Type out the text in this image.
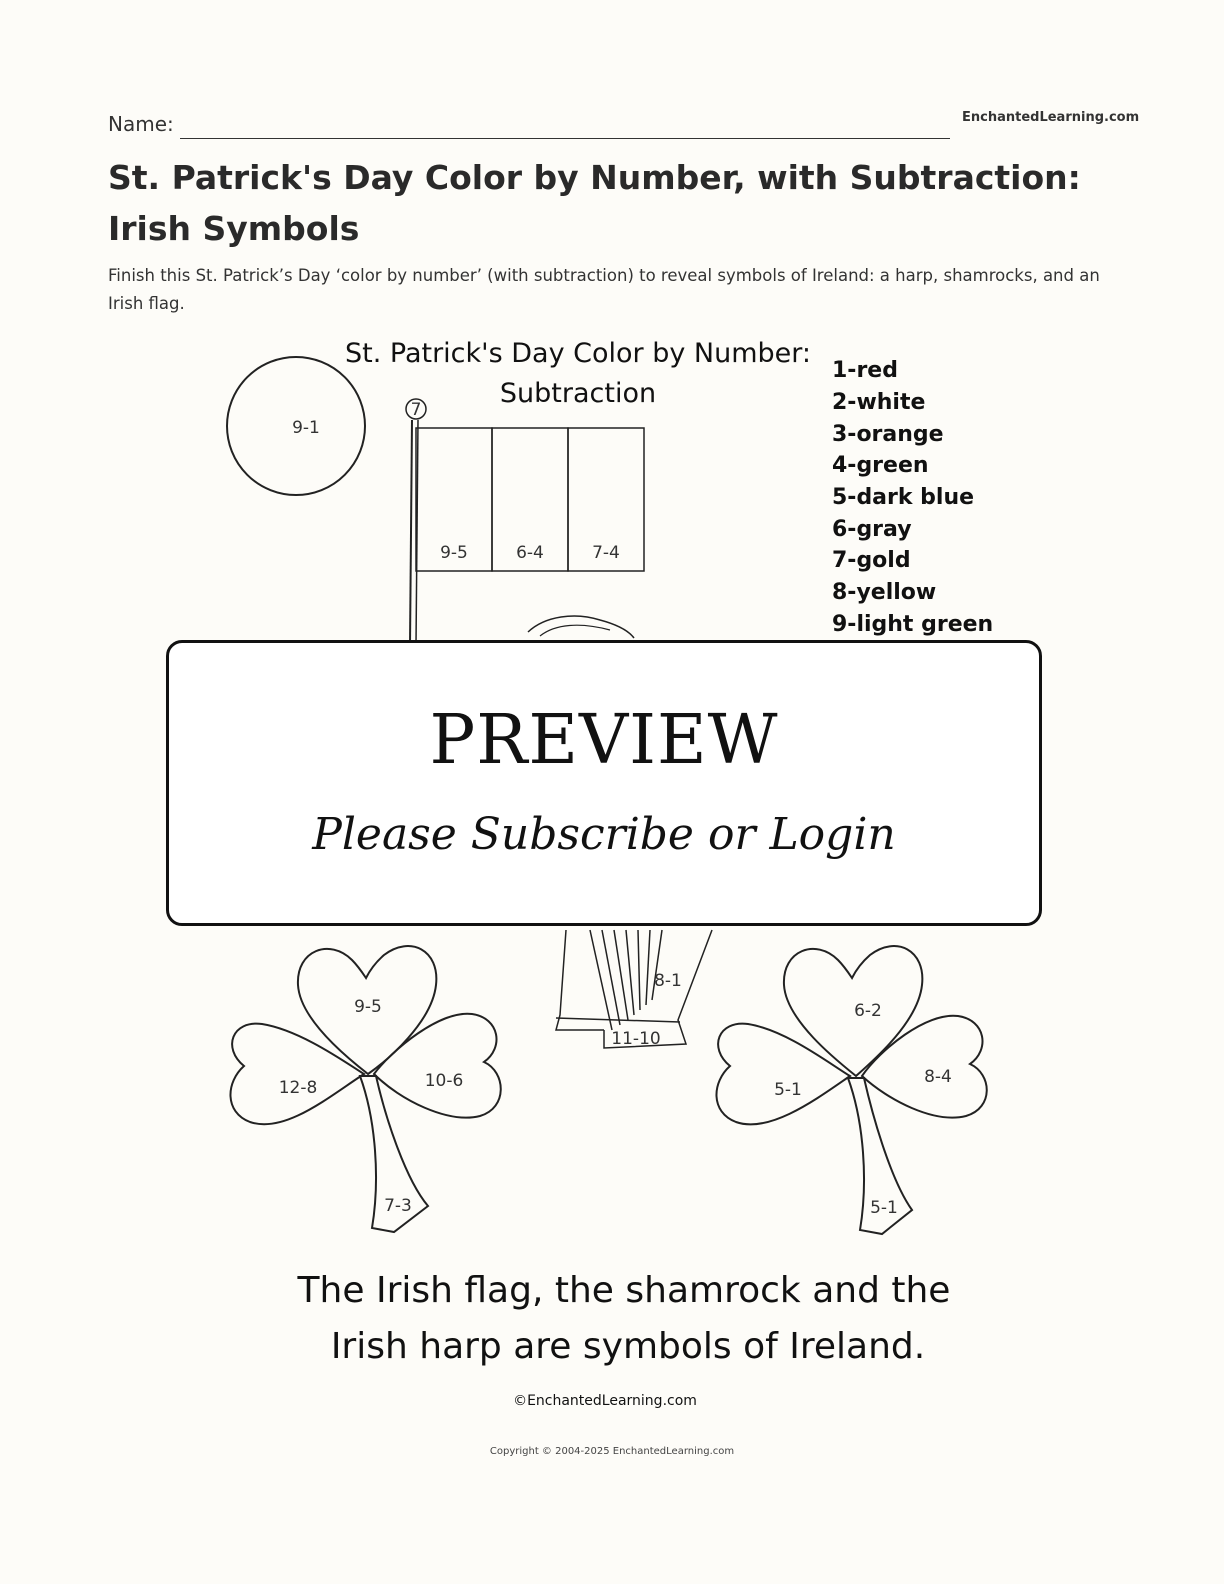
Name:	EnchantedLearning.com
St. Patrick's Day Color by Number, with Subtraction: Irish Symbols
Finish this St. Patrick’s Day ‘color by number’ (with subtraction) to reveal symbols of Ireland: a harp, shamrocks, and an Irish flag.
St. Patrick's Day Color by Number:
Subtraction
1-red
2-white
3-orange
4-green
5-dark blue
6-gray
7-gold
8-yellow
9-light green
9-1
7
9-5	6-4	7-4
8-1
11-10
9-5
12-8	10-6
7-3
6-2
5-1
8-4
5-1
The Irish flag, the shamrock and the
Irish harp are symbols of Ireland.
©EnchantedLearning.com
PREVIEW
Please Subscribe or Login
Copyright © 2004-2025 EnchantedLearning.com
